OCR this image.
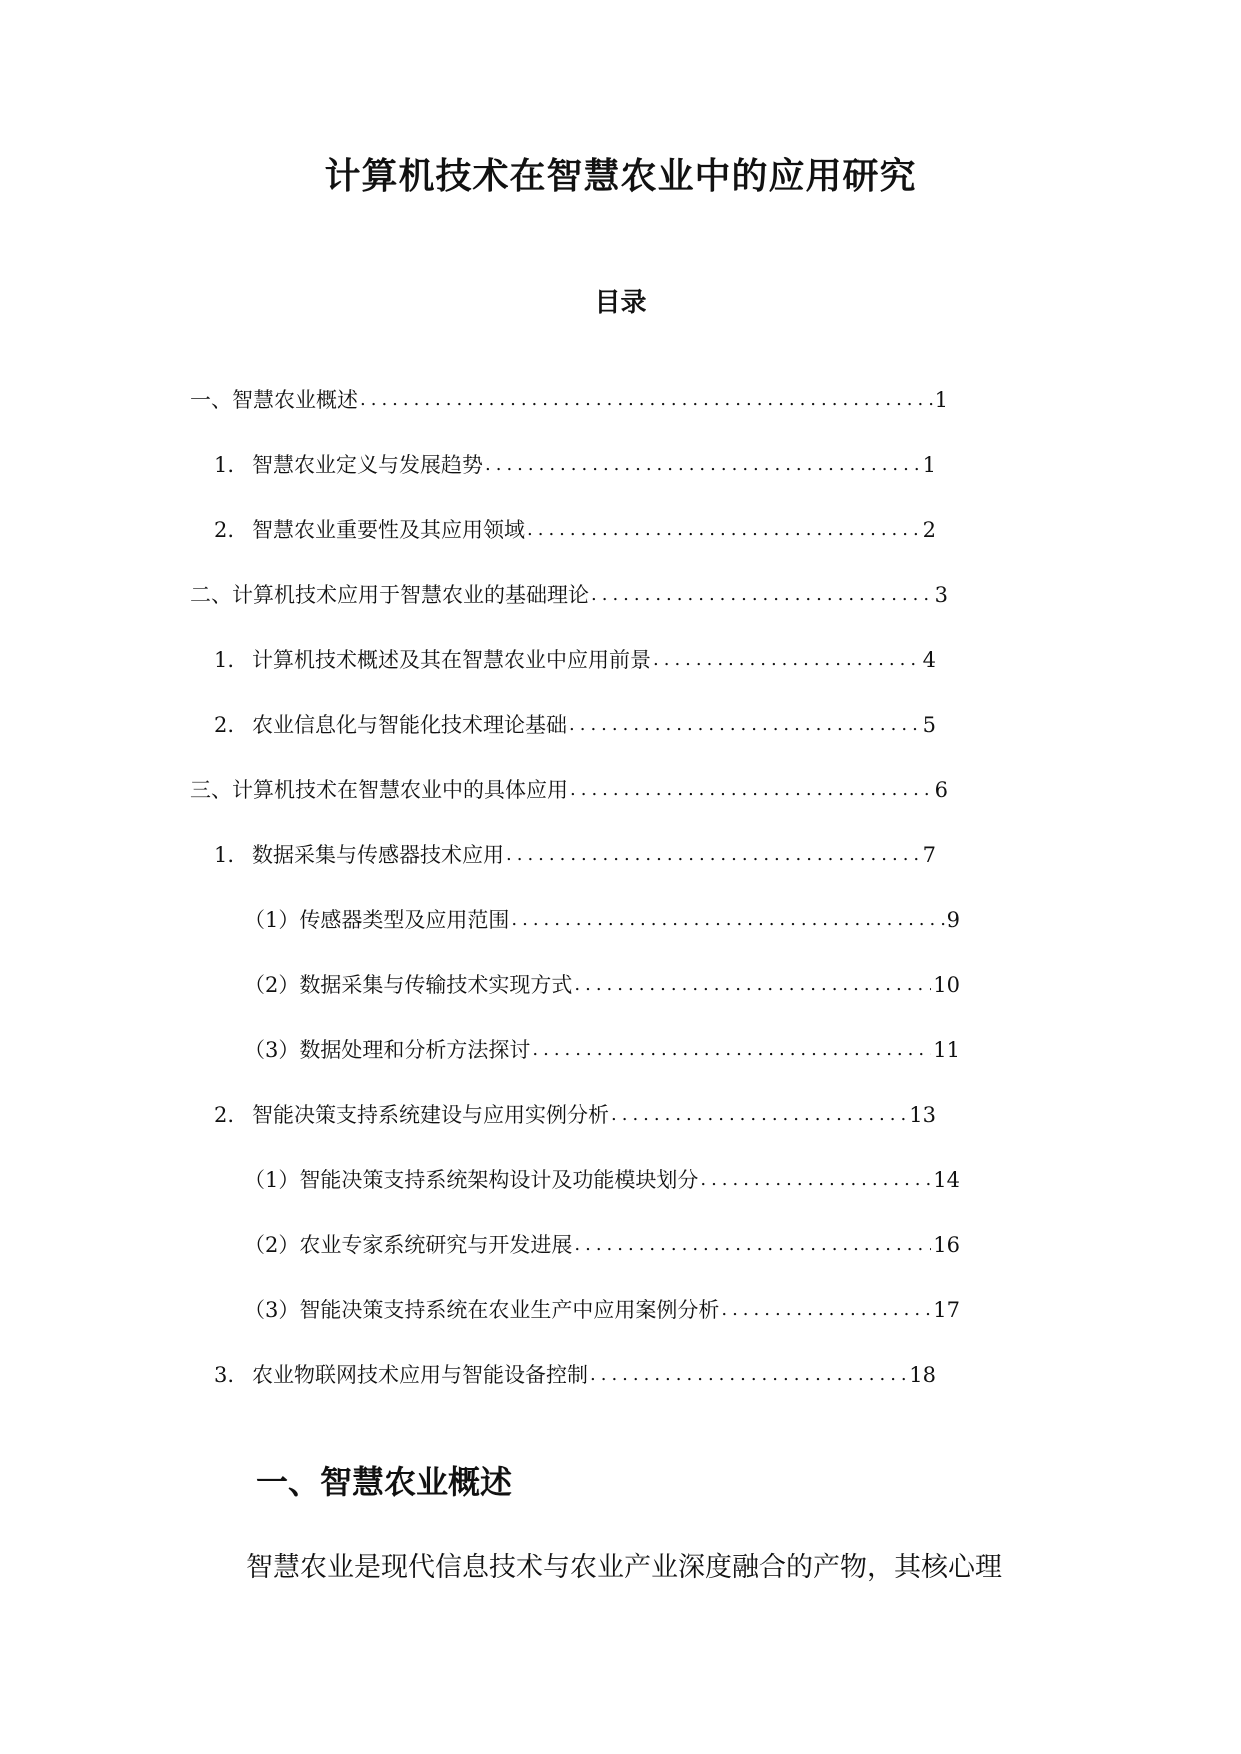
计算机技术在智慧农业中的应用研究
目录
一、智慧农业概述 .....	1
1. 智慧农业定义与发展趋势 .....	1
2. 智慧农业重要性及其应用领域 .....	2
二、计算机技术应用于智慧农业的基础理论 .....	3
1. 计算机技术概述及其在智慧农业中应用前景 .....	4
2. 农业信息化与智能化技术理论基础 .....	5
三、计算机技术在智慧农业中的具体应用 .....	6
1. 数据采集与传感器技术应用 .....	7
（1）传感器类型及应用范围 .....	9
（2）数据采集与传输技术实现方式 .....	10
（3）数据处理和分析方法探讨 .....	11
2. 智能决策支持系统建设与应用实例分析 .....	13
（1）智能决策支持系统架构设计及功能模块划分 .....	14
（2）农业专家系统研究与开发进展 .....	16
（3）智能决策支持系统在农业生产中应用案例分析 .....	17
3. 农业物联网技术应用与智能设备控制 .....	18
一、智慧农业概述
智慧农业是现代信息技术与农业产业深度融合的产物，其核心理
